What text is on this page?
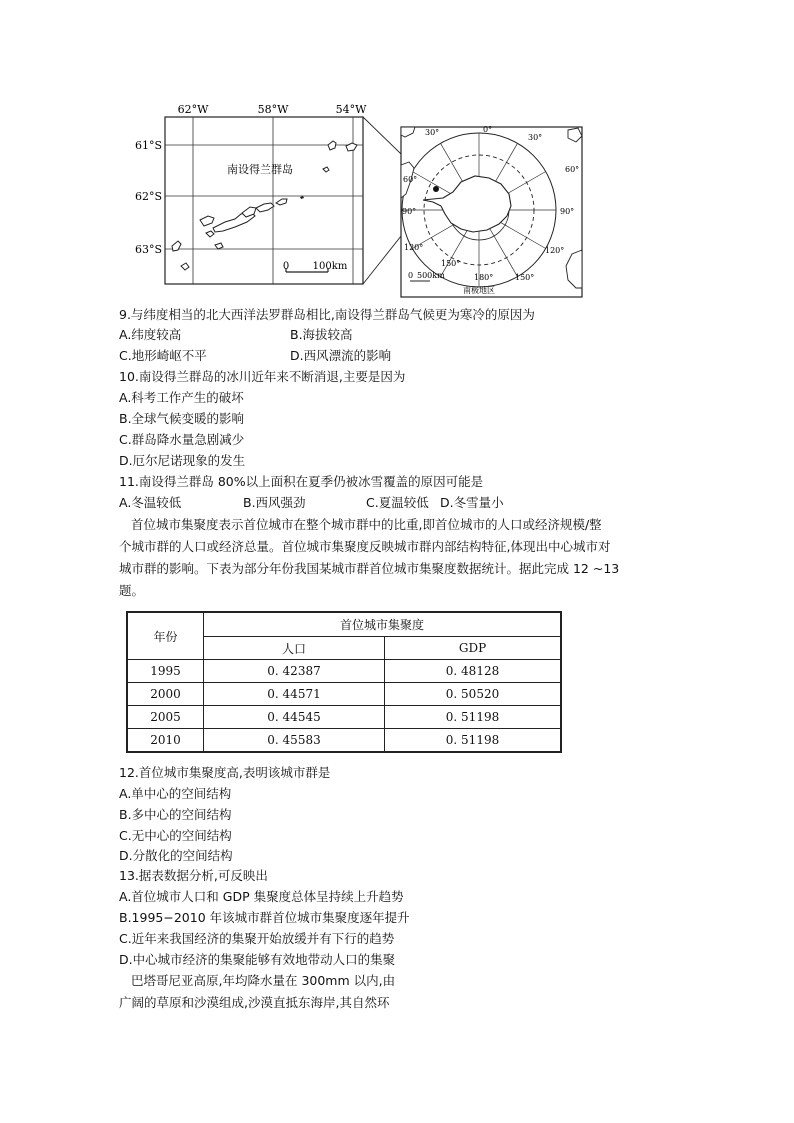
0 100km
62°W	58°W	54°W
61°S
62°S
63°S
南设得兰群岛
30°	0°
30°
60°
60°
90°	90°
120°	120°
150°
180°	150°
0 500km
南极地区
9.与纬度相当的北大西洋法罗群岛相比,南设得兰群岛气候更为寒冷的原因为
A.纬度较高	B.海拔较高
C.地形崎岖不平	D.西风漂流的影响
10.南设得兰群岛的冰川近年来不断消退,主要是因为
A.科考工作产生的破坏
B.全球气候变暖的影响
C.群岛降水量急剧减少
D.厄尔尼诺现象的发生
11.南设得兰群岛 80%以上面积在夏季仍被冰雪覆盖的原因可能是
A.冬温较低	B.西风强劲	C.夏温较低 D.冬雪量小
首位城市集聚度表示首位城市在整个城市群中的比重,即首位城市的人口或经济规模/整
个城市群的人口或经济总量。首位城市集聚度反映城市群内部结构特征,体现出中心城市对
城市群的影响。下表为部分年份我国某城市群首位城市集聚度数据统计。据此完成 12 ~13
题。
年份	首位城市集聚度	
	人口	GDP
1995	0. 42387	0. 48128
2000	0. 44571	0. 50520
2005	0. 44545	0. 51198
2010	0. 45583	0. 51198
12.首位城市集聚度高,表明该城市群是
A.单中心的空间结构
B.多中心的空间结构
C.无中心的空间结构
D.分散化的空间结构
13.据表数据分析,可反映出
A.首位城市人口和 GDP 集聚度总体呈持续上升趋势
B.1995−2010 年该城市群首位城市集聚度逐年提升
C.近年来我国经济的集聚开始放缓并有下行的趋势
D.中心城市经济的集聚能够有效地带动人口的集聚
巴塔哥尼亚高原,年均降水量在 300mm 以内,由
广阔的草原和沙漠组成,沙漠直抵东海岸,其自然环
